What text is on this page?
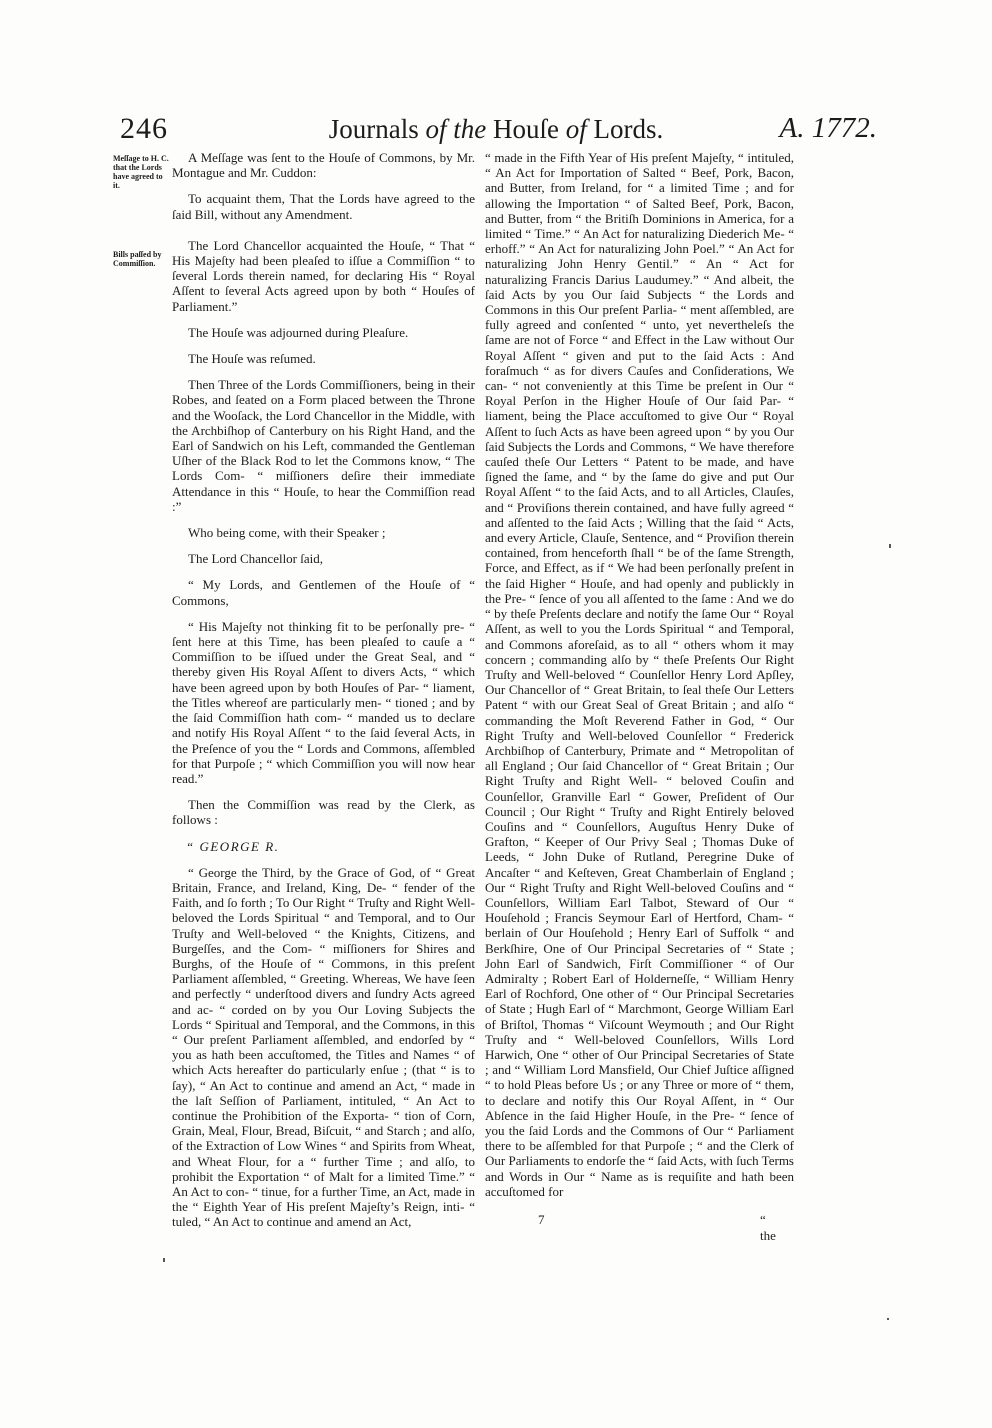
246	Journals of the Houſe of Lords.	A. 1772.
Meſſage to H. C. that the Lords have agreed to it.
Bills paſſed by Commiſſion.

A Meſſage was ſent to the Houſe of Commons, by Mr. Montague and Mr. Cuddon:

To acquaint them, That the Lords have agreed to the ſaid Bill, without any Amendment.

The Lord Chancellor acquainted the Houſe, “ That “ His Majeſty had been pleaſed to iſſue a Commiſſion “ to ſeveral Lords therein named, for declaring His “ Royal Aſſent to ſeveral Acts agreed upon by both “ Houſes of Parliament.”

The Houſe was adjourned during Pleaſure.

The Houſe was reſumed.

Then Three of the Lords Commiſſioners, being in their Robes, and ſeated on a Form placed between the Throne and the Wooſack, the Lord Chancellor in the Middle, with the Archbiſhop of Canterbury on his Right Hand, and the Earl of Sandwich on his Left, commanded the Gentleman Uſher of the Black Rod to let the Commons know, “ The Lords Com- “ miſſioners deſire their immediate Attendance in this “ Houſe, to hear the Commiſſion read :”

Who being come, with their Speaker ;

The Lord Chancellor ſaid,

“ My Lords, and Gentlemen of the Houſe of “ Commons,

“ His Majeſty not thinking fit to be perſonally pre- “ ſent here at this Time, has been pleaſed to cauſe a “ Commiſſion to be iſſued under the Great Seal, and “ thereby given His Royal Aſſent to divers Acts, “ which have been agreed upon by both Houſes of Par- “ liament, the Titles whereof are particularly men- “ tioned ; and by the ſaid Commiſſion hath com- “ manded us to declare and notify His Royal Aſſent “ to the ſaid ſeveral Acts, in the Preſence of you the “ Lords and Commons, aſſembled for that Purpoſe ; “ which Commiſſion you will now hear read.”

Then the Commiſſion was read by the Clerk, as follows :

“ GEORGE R.

“ George the Third, by the Grace of God, of “ Great Britain, France, and Ireland, King, De- “ fender of the Faith, and ſo forth ; To Our Right “ Truſty and Right Well-beloved the Lords Spiritual “ and Temporal, and to Our Truſty and Well-beloved “ the Knights, Citizens, and Burgeſſes, and the Com- “ miſſioners for Shires and Burghs, of the Houſe of “ Commons, in this preſent Parliament aſſembled, “ Greeting. Whereas, We have ſeen and perfectly “ underſtood divers and ſundry Acts agreed and ac- “ corded on by you Our Loving Subjects the Lords “ Spiritual and Temporal, and the Commons, in this “ Our preſent Parliament aſſembled, and endorſed by “ you as hath been accuſtomed, the Titles and Names “ of which Acts hereafter do particularly enſue ; (that “ is to ſay), “ An Act to continue and amend an Act, “ made in the laſt Seſſion of Parliament, intituled, “ An Act to continue the Prohibition of the Exporta- “ tion of Corn, Grain, Meal, Flour, Bread, Biſcuit, “ and Starch ; and alſo, of the Extraction of Low Wines “ and Spirits from Wheat, and Wheat Flour, for a “ further Time ; and alſo, to prohibit the Exportation “ of Malt for a limited Time.” “ An Act to con- “ tinue, for a further Time, an Act, made in the “ Eighth Year of His preſent Majeſty’s Reign, inti- “ tuled, “ An Act to continue and amend an Act,

“ made in the Fifth Year of His preſent Majeſty, “ intituled, “ An Act for Importation of Salted “ Beef, Pork, Bacon, and Butter, from Ireland, for “ a limited Time ; and for allowing the Importation “ of Salted Beef, Pork, Bacon, and Butter, from “ the Britiſh Dominions in America, for a limited “ Time.” “ An Act for naturalizing Diederich Me- “ erhoff.” “ An Act for naturalizing John Poel.” “ An Act for naturalizing John Henry Gentil.” “ An “ Act for naturalizing Francis Darius Laudumey.” “ And albeit, the ſaid Acts by you Our ſaid Subjects “ the Lords and Commons in this Our preſent Parlia- “ ment aſſembled, are fully agreed and conſented “ unto, yet nevertheleſs the ſame are not of Force “ and Effect in the Law without Our Royal Aſſent “ given and put to the ſaid Acts : And foraſmuch “ as for divers Cauſes and Conſiderations, We can- “ not conveniently at this Time be preſent in Our “ Royal Perſon in the Higher Houſe of Our ſaid Par- “ liament, being the Place accuſtomed to give Our “ Royal Aſſent to ſuch Acts as have been agreed upon “ by you Our ſaid Subjects the Lords and Commons, “ We have therefore cauſed theſe Our Letters “ Patent to be made, and have ſigned the ſame, and “ by the ſame do give and put Our Royal Aſſent “ to the ſaid Acts, and to all Articles, Clauſes, and “ Proviſions therein contained, and have fully agreed “ and aſſented to the ſaid Acts ; Willing that the ſaid “ Acts, and every Article, Clauſe, Sentence, and “ Proviſion therein contained, from henceforth ſhall “ be of the ſame Strength, Force, and Effect, as if “ We had been perſonally preſent in the ſaid Higher “ Houſe, and had openly and publickly in the Pre- “ ſence of you all aſſented to the ſame : And we do “ by theſe Preſents declare and notify the ſame Our “ Royal Aſſent, as well to you the Lords Spiritual “ and Temporal, and Commons aforeſaid, as to all “ others whom it may concern ; commanding alſo by “ theſe Preſents Our Right Truſty and Well-beloved “ Counſellor Henry Lord Apſley, Our Chancellor of “ Great Britain, to ſeal theſe Our Letters Patent “ with our Great Seal of Great Britain ; and alſo “ commanding the Moſt Reverend Father in God, “ Our Right Truſty and Well-beloved Counſellor “ Frederick Archbiſhop of Canterbury, Primate and “ Metropolitan of all England ; Our ſaid Chancellor of “ Great Britain ; Our Right Truſty and Right Well- “ beloved Couſin and Counſellor, Granville Earl “ Gower, Preſident of Our Council ; Our Right “ Truſty and Right Entirely beloved Couſins and “ Counſellors, Auguſtus Henry Duke of Grafton, “ Keeper of Our Privy Seal ; Thomas Duke of Leeds, “ John Duke of Rutland, Peregrine Duke of Ancaſter “ and Keſteven, Great Chamberlain of England ; Our “ Right Truſty and Right Well-beloved Couſins and “ Counſellors, William Earl Talbot, Steward of Our “ Houſehold ; Francis Seymour Earl of Hertford, Cham- “ berlain of Our Houſehold ; Henry Earl of Suffolk “ and Berkſhire, One of Our Principal Secretaries of “ State ; John Earl of Sandwich, Firſt Commiſſioner “ of Our Admiralty ; Robert Earl of Holderneſſe, “ William Henry Earl of Rochford, One other of “ Our Principal Secretaries of State ; Hugh Earl of “ Marchmont, George William Earl of Briſtol, Thomas “ Viſcount Weymouth ; and Our Right Truſty and “ Well-beloved Counſellors, Wills Lord Harwich, One “ other of Our Principal Secretaries of State ; and “ William Lord Mansfield, Our Chief Juſtice aſſigned “ to hold Pleas before Us ; or any Three or more of “ them, to declare and notify this Our Royal Aſſent, in “ Our Abſence in the ſaid Higher Houſe, in the Pre- “ ſence of you the ſaid Lords and the Commons of Our “ Parliament there to be aſſembled for that Purpoſe ; “ and the Clerk of Our Parliaments to endorſe the “ ſaid Acts, with ſuch Terms and Words in Our “ Name as is requiſite and hath been accuſtomed for

7	“ the
